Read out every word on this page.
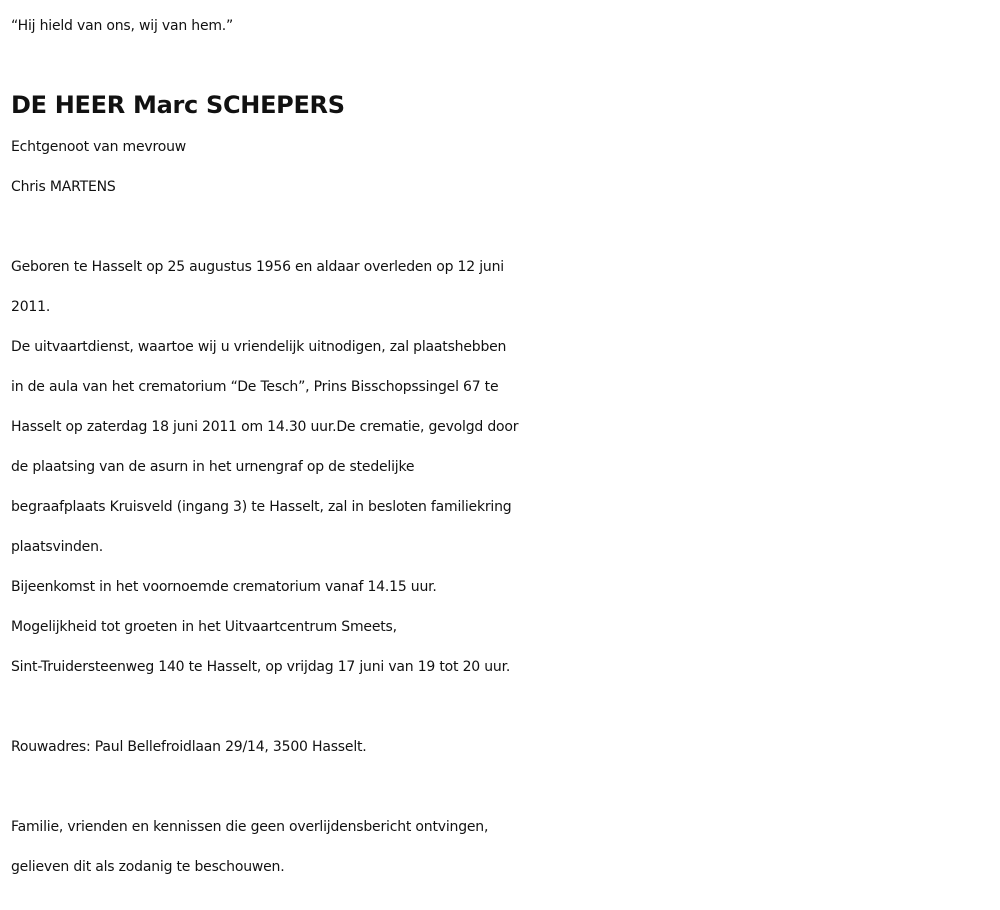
“Hij hield van ons, wij van hem.”
DE HEER Marc SCHEPERS
Echtgenoot van mevrouw
Chris MARTENS
Geboren te Hasselt op 25 augustus 1956 en aldaar overleden op 12 juni
2011.
De uitvaartdienst, waartoe wij u vriendelijk uitnodigen, zal plaatshebben
in de aula van het crematorium “De Tesch”, Prins Bisschopssingel 67 te
Hasselt op zaterdag 18 juni 2011 om 14.30 uur.De crematie, gevolgd door
de plaatsing van de asurn in het urnengraf op de stedelijke
begraafplaats Kruisveld (ingang 3) te Hasselt, zal in besloten familiekring
plaatsvinden.
Bijeenkomst in het voornoemde crematorium vanaf 14.15 uur.
Mogelijkheid tot groeten in het Uitvaartcentrum Smeets,
Sint-Truidersteenweg 140 te Hasselt, op vrijdag 17 juni van 19 tot 20 uur.
Rouwadres: Paul Bellefroidlaan 29/14, 3500 Hasselt.
Familie, vrienden en kennissen die geen overlijdensbericht ontvingen,
gelieven dit als zodanig te beschouwen.
